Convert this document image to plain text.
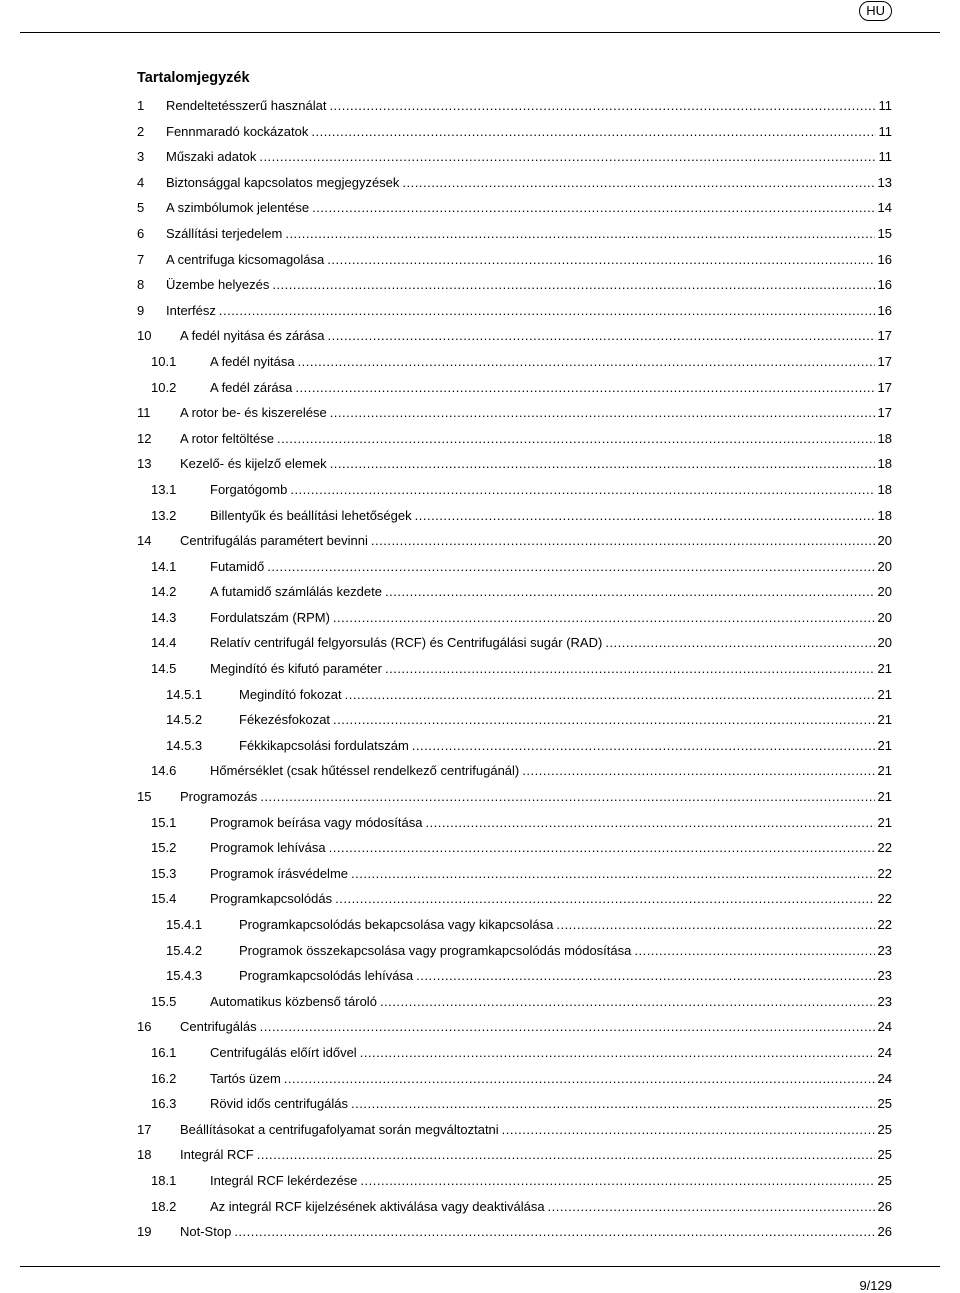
HU
Tartalomjegyzék
1 Rendeltetésszerű használat .....	11
2 Fennmaradó kockázatok .....	11
3 Műszaki adatok .....	11
4 Biztonsággal kapcsolatos megjegyzések .....	13
5 A szimbólumok jelentése .....	14
6 Szállítási terjedelem .....	15
7 A centrifuga kicsomagolása .....	16
8 Üzembe helyezés .....	16
9 Interfész .....	16
10 A fedél nyitása és zárása .....	17
10.1	A fedél nyitása .....	17
10.2	A fedél zárása .....	17
11 A rotor be- és kiszerelése .....	17
12 A rotor feltöltése .....	18
13 Kezelő- és kijelző elemek .....	18
13.1	Forgatógomb .....	18
13.2	Billentyűk és beállítási lehetőségek .....	18
14 Centrifugálás paramétert bevinni .....	20
14.1	Futamidő .....	20
14.2	A futamidő számlálás kezdete .....	20
14.3	Fordulatszám (RPM) .....	20
14.4	Relatív centrifugál felgyorsulás (RCF) és Centrifugálási sugár (RAD) .....	20
14.5	Megindító és kifutó paraméter .....	21
14.5.1	Megindító fokozat .....	21
14.5.2	Fékezésfokozat .....	21
14.5.3	Fékkikapcsolási fordulatszám .....	21
14.6	Hőmérséklet (csak hűtéssel rendelkező centrifugánál) .....	21
15 Programozás .....	21
15.1	Programok beírása vagy módosítása .....	21
15.2	Programok lehívása .....	22
15.3	Programok írásvédelme .....	22
15.4	Programkapcsolódás .....	22
15.4.1	Programkapcsolódás bekapcsolása vagy kikapcsolása .....	22
15.4.2	Programok összekapcsolása vagy programkapcsolódás módosítása .....	23
15.4.3	Programkapcsolódás lehívása .....	23
15.5	Automatikus közbenső tároló .....	23
16 Centrifugálás .....	24
16.1	Centrifugálás előírt idővel .....	24
16.2	Tartós üzem .....	24
16.3	Rövid idős centrifugálás .....	25
17 Beállításokat a centrifugafolyamat során megváltoztatni .....	25
18 Integrál RCF .....	25
18.1	Integrál RCF lekérdezése .....	25
18.2	Az integrál RCF kijelzésének aktiválása vagy deaktiválása .....	26
19 Not-Stop .....	26
9/129
